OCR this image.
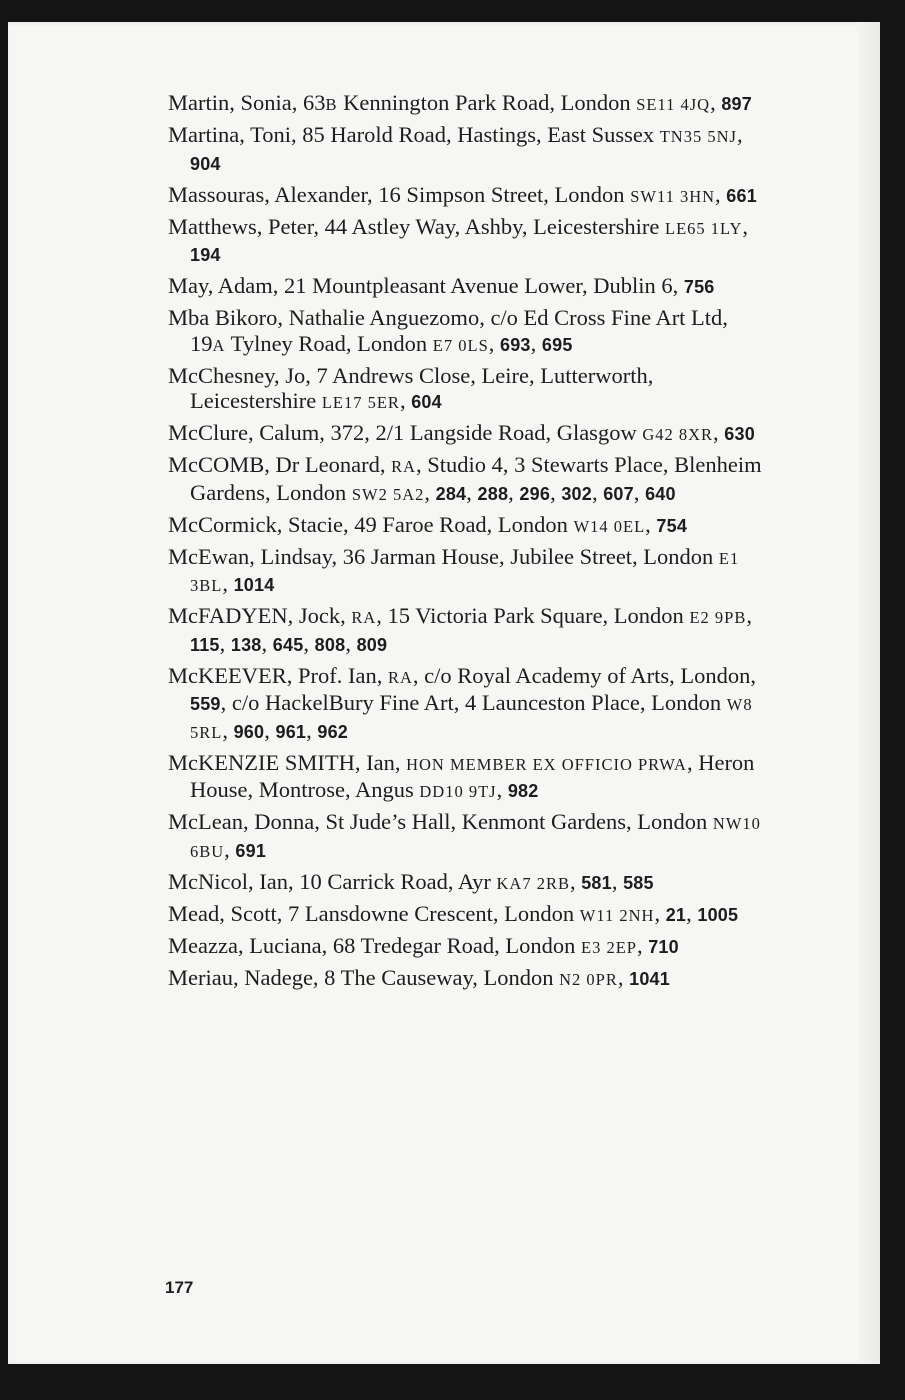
Martin, Sonia, 63B Kennington Park Road, London SE11 4JQ, 897

Martina, Toni, 85 Harold Road, Hastings, East Sussex TN35 5NJ, 904

Massouras, Alexander, 16 Simpson Street, London SW11 3HN, 661

Matthews, Peter, 44 Astley Way, Ashby, Leicestershire LE65 1LY, 194

May, Adam, 21 Mountpleasant Avenue Lower, Dublin 6, 756

Mba Bikoro, Nathalie Anguezomo, c/o Ed Cross Fine Art Ltd, 19A Tylney Road, London E7 0LS, 693, 695

McChesney, Jo, 7 Andrews Close, Leire, Lutterworth, Leicestershire LE17 5ER, 604

McClure, Calum, 372, 2/1 Langside Road, Glasgow G42 8XR, 630

McCOMB, Dr Leonard, RA, Studio 4, 3 Stewarts Place, Blenheim Gardens, London SW2 5A2, 284, 288, 296, 302, 607, 640

McCormick, Stacie, 49 Faroe Road, London W14 0EL, 754

McEwan, Lindsay, 36 Jarman House, Jubilee Street, London E1 3BL, 1014

McFADYEN, Jock, RA, 15 Victoria Park Square, London E2 9PB, 115, 138, 645, 808, 809

McKEEVER, Prof. Ian, RA, c/o Royal Academy of Arts, London, 559, c/o HackelBury Fine Art, 4 Launceston Place, London W8 5RL, 960, 961, 962

McKENZIE SMITH, Ian, HON MEMBER EX OFFICIO PRWA, Heron House, Montrose, Angus DD10 9TJ, 982

McLean, Donna, St Jude’s Hall, Kenmont Gardens, London NW10 6BU, 691

McNicol, Ian, 10 Carrick Road, Ayr KA7 2RB, 581, 585

Mead, Scott, 7 Lansdowne Crescent, London W11 2NH, 21, 1005

Meazza, Luciana, 68 Tredegar Road, London E3 2EP, 710

Meriau, Nadege, 8 The Causeway, London N2 0PR, 1041

177
